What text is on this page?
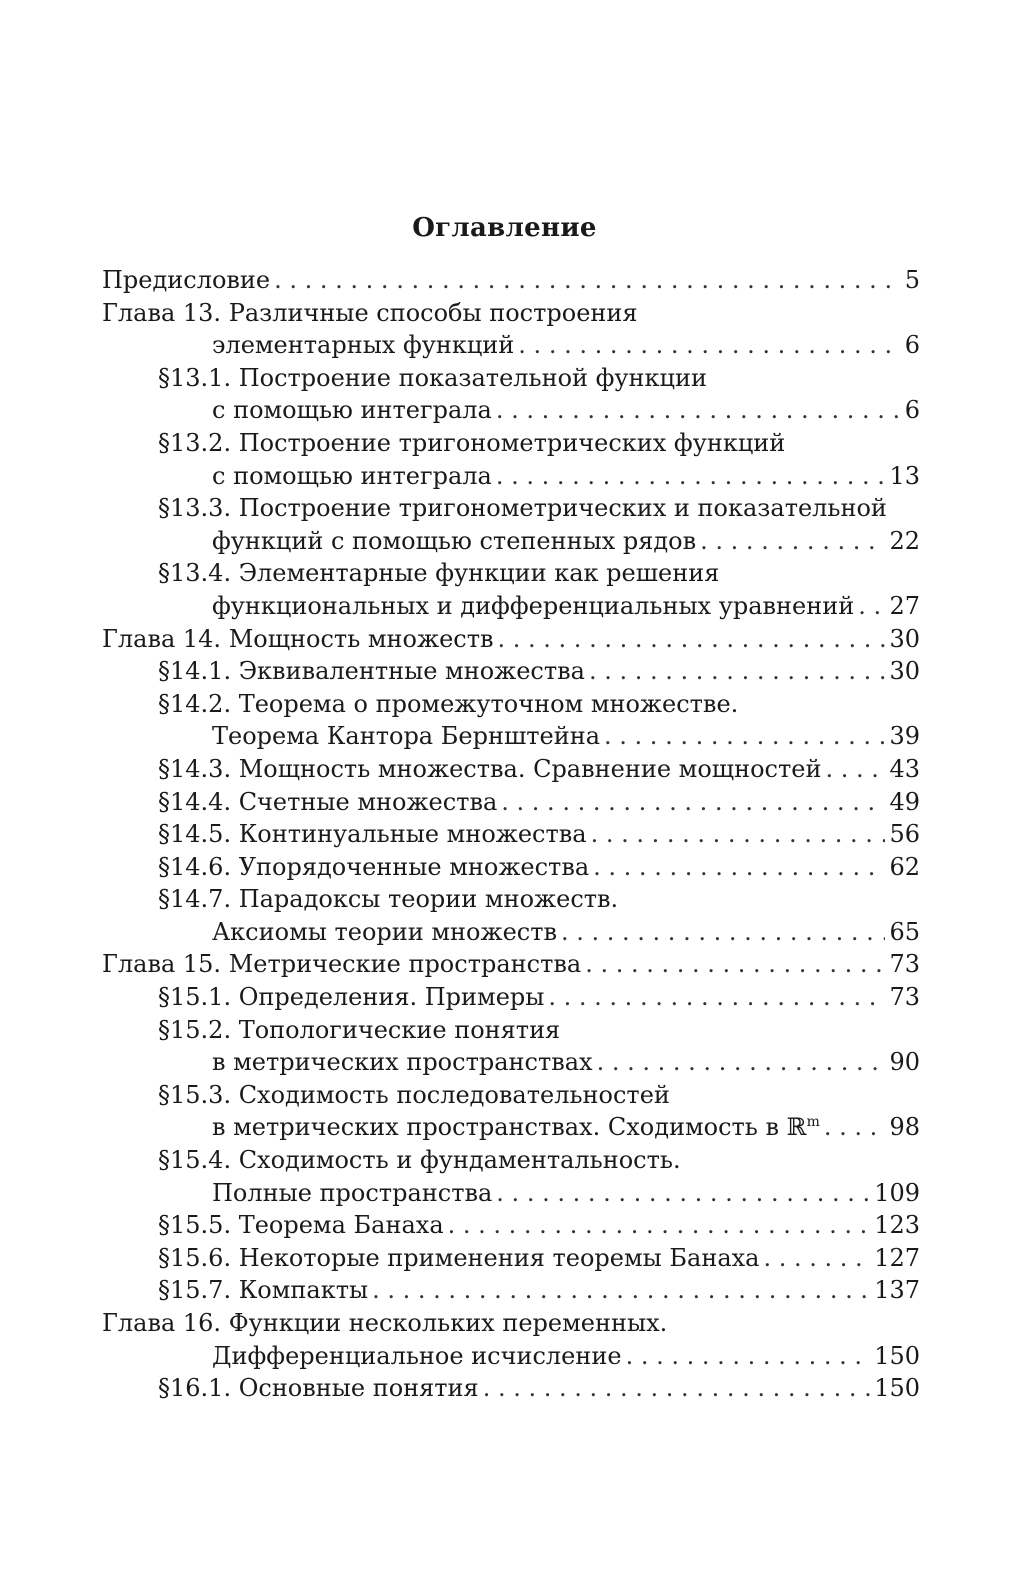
Оглавление
Предисловие . . .	5
Глава 13. Различные способы построения
элементарных функций . . .	6
§13.1. Построение показательной функции
с помощью интеграла . . .	6
§13.2. Построение тригонометрических функций
с помощью интеграла . . .	13
§13.3. Построение тригонометрических и показательной
функций с помощью степенных рядов . . .	22
§13.4. Элементарные функции как решения
функциональных и дифференциальных уравнений . . . 27
Глава 14. Мощность множеств . . .	30
§14.1. Эквивалентные множества . . .	30
§14.2. Теорема о промежуточном множестве.
Теорема Кантора Бернштейна . . .	39
§14.3. Мощность множества. Сравнение мощностей . . .	43
§14.4. Счетные множества . . .	49
§14.5. Континуальные множества . . .	56
§14.6. Упорядоченные множества . . .	62
§14.7. Парадоксы теории множеств.
Аксиомы теории множеств . . .	65
Глава 15. Метрические пространства . . .	73
§15.1. Определения. Примеры . . .	73
§15.2. Топологические понятия
в метрических пространствах . . .	90
§15.3. Сходимость последовательностей
в метрических пространствах. Сходимость в ℝ$^m$ . . .	98
§15.4. Сходимость и фундаментальность.
Полные пространства . . .	109
§15.5. Теорема Банаха . . .	123
§15.6. Некоторые применения теоремы Банаха . . .	127
§15.7. Компакты . . .	137
Глава 16. Функции нескольких переменных.
Дифференциальное исчисление . . .	150
§16.1. Основные понятия . . .	150
